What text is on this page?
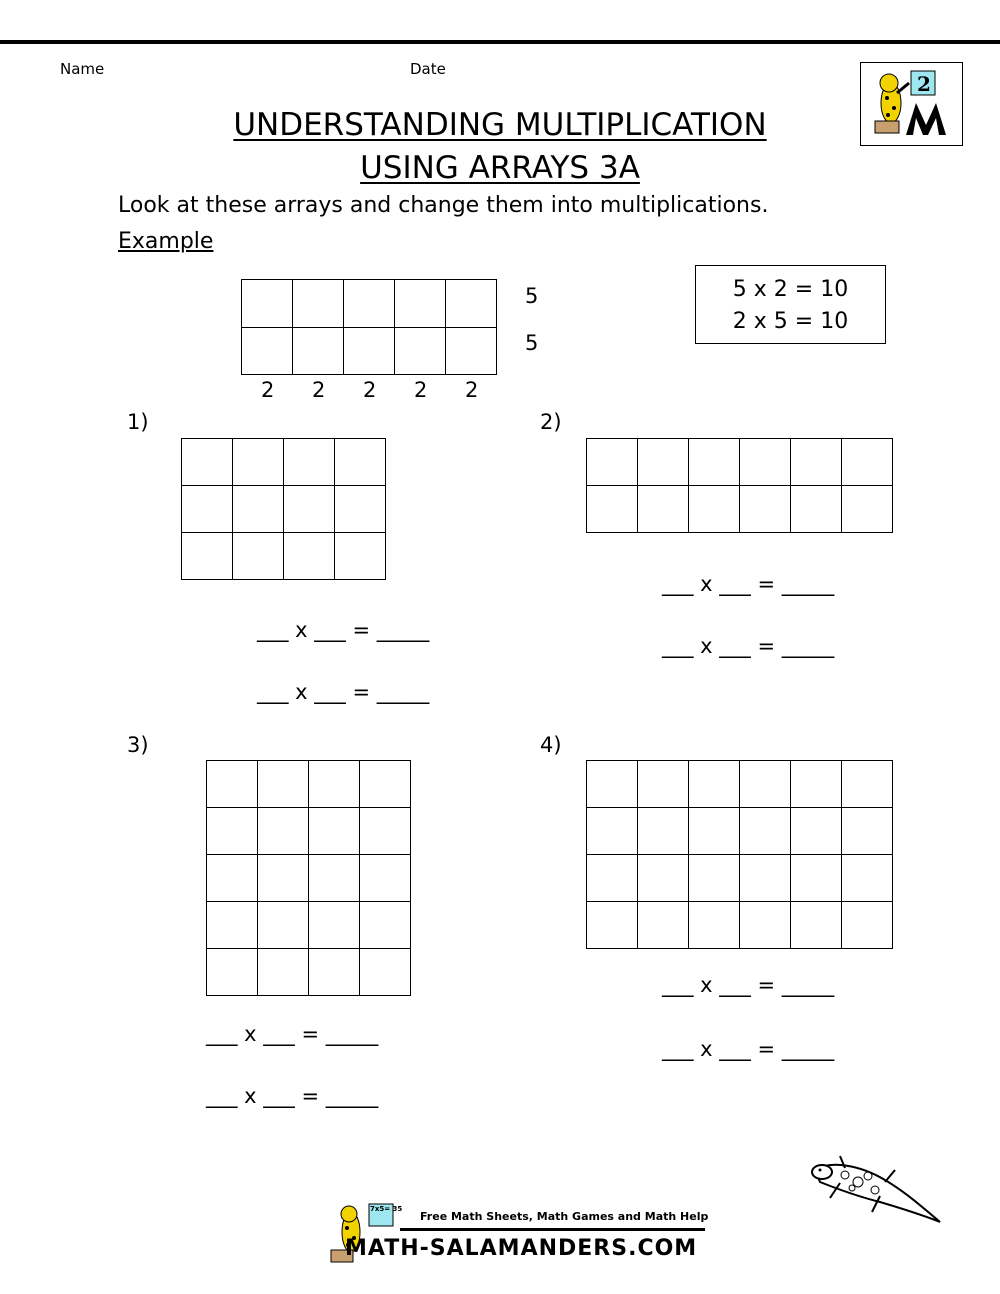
Name	Date
2
UNDERSTANDING MULTIPLICATION
USING ARRAYS 3A
Look at these arrays and change them into multiplications.
Example
5
5
2 2 2 2 2
5 x 2 = 10
2 x 5 = 10
1)
___ x ___ = _____
___ x ___ = _____
2)
___ x ___ = _____
___ x ___ = _____
3)
___ x ___ = _____
___ x ___ = _____
4)
___ x ___ = _____
___ x ___ = _____
7x5= 35
Free Math Sheets, Math Games and Math Help
MATH-SALAMANDERS.COM
